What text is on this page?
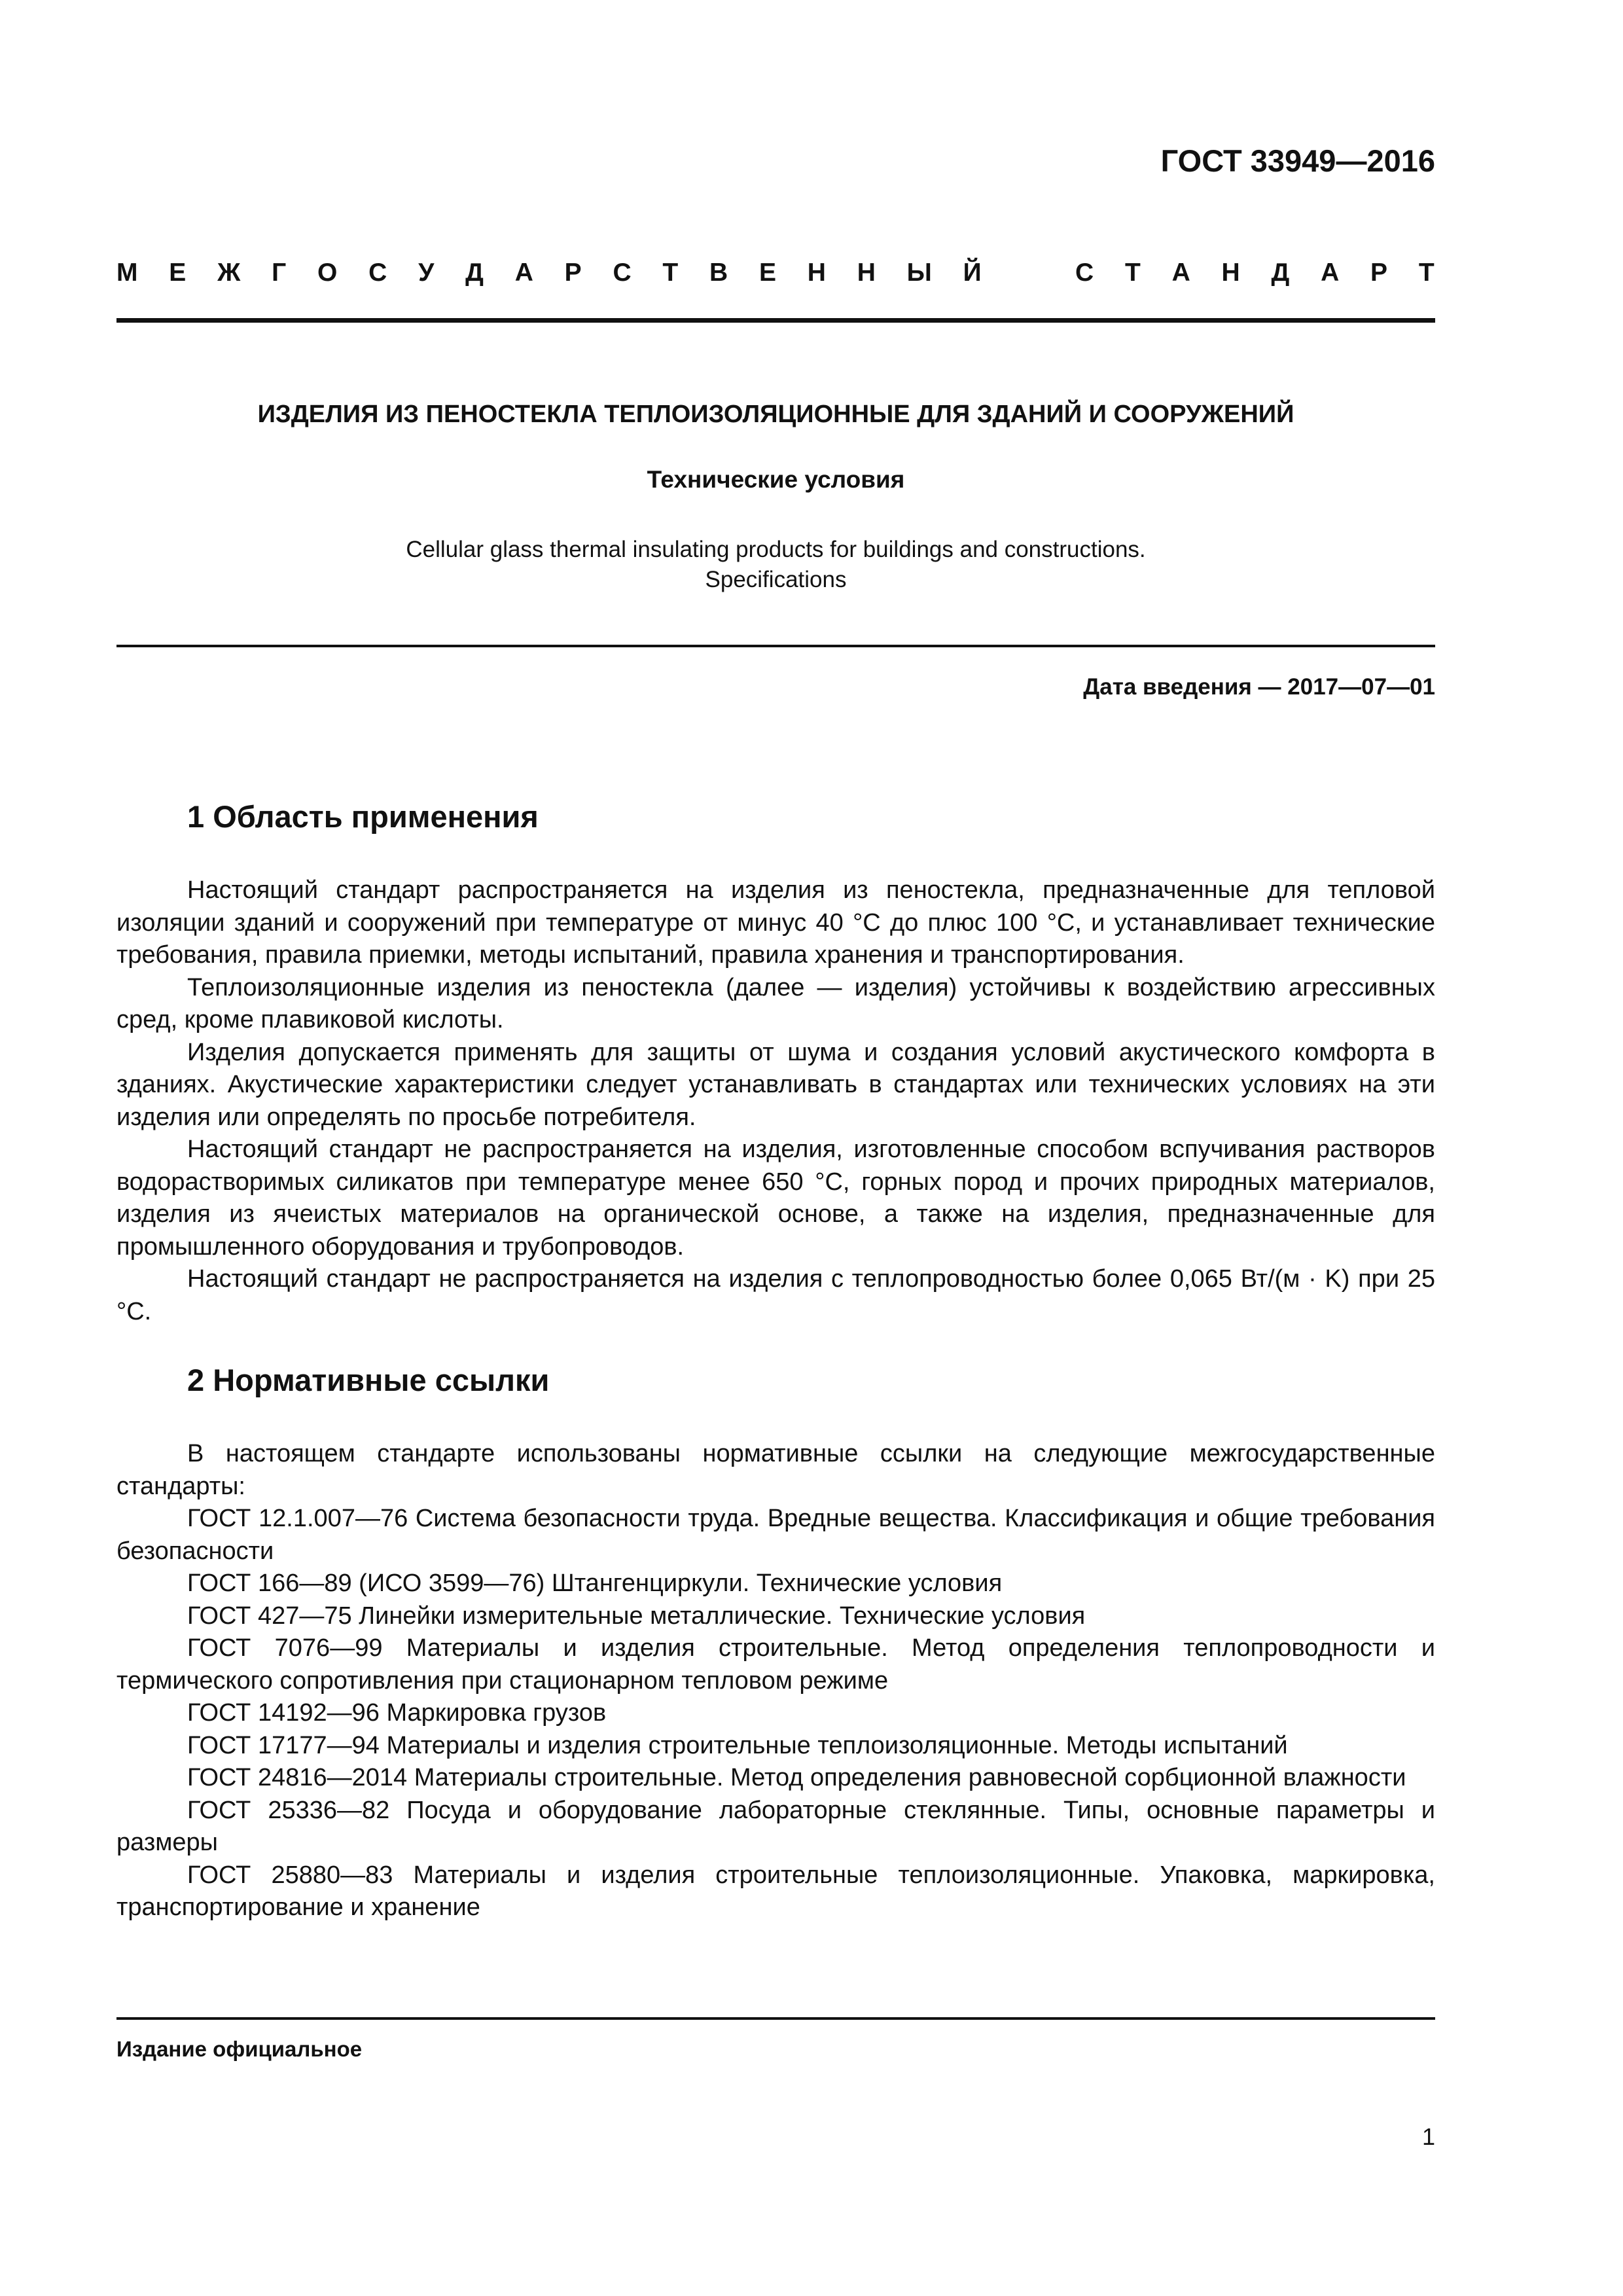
ГОСТ 33949—2016
М Е Ж Г О С У Д А Р С Т В Е Н Н Ы Й	С Т А Н Д А Р Т
ИЗДЕЛИЯ ИЗ ПЕНОСТЕКЛА ТЕПЛОИЗОЛЯЦИОННЫЕ ДЛЯ ЗДАНИЙ И СООРУЖЕНИЙ
Технические условия
Cellular glass thermal insulating products for buildings and constructions.
Specifications
Дата введения — 2017—07—01
1 Область применения

Настоящий стандарт распространяется на изделия из пеностекла, предназначенные для тепловой изоляции зданий и сооружений при температуре от минус 40 °С до плюс 100 °С, и устанавливает технические требования, правила приемки, методы испытаний, правила хранения и транспортирования.

Теплоизоляционные изделия из пеностекла (далее — изделия) устойчивы к воздействию агрессивных сред, кроме плавиковой кислоты.

Изделия допускается применять для защиты от шума и создания условий акустического комфорта в зданиях. Акустические характеристики следует устанавливать в стандартах или технических условиях на эти изделия или определять по просьбе потребителя.

Настоящий стандарт не распространяется на изделия, изготовленные способом вспучивания растворов водорастворимых силикатов при температуре менее 650 °С, горных пород и прочих природных материалов, изделия из ячеистых материалов на органической основе, а также на изделия, предназначенные для промышленного оборудования и трубопроводов.

Настоящий стандарт не распространяется на изделия с теплопроводностью более 0,065 Вт/(м · K) при 25 °С.

2 Нормативные ссылки

В настоящем стандарте использованы нормативные ссылки на следующие межгосударственные стандарты:

ГОСТ 12.1.007—76 Система безопасности труда. Вредные вещества. Классификация и общие требования безопасности

ГОСТ 166—89 (ИСО 3599—76) Штангенциркули. Технические условия

ГОСТ 427—75 Линейки измерительные металлические. Технические условия

ГОСТ 7076—99 Материалы и изделия строительные. Метод определения теплопроводности и термического сопротивления при стационарном тепловом режиме

ГОСТ 14192—96 Маркировка грузов

ГОСТ 17177—94 Материалы и изделия строительные теплоизоляционные. Методы испытаний

ГОСТ 24816—2014 Материалы строительные. Метод определения равновесной сорбционной влажности

ГОСТ 25336—82 Посуда и оборудование лабораторные стеклянные. Типы, основные параметры и размеры

ГОСТ 25880—83 Материалы и изделия строительные теплоизоляционные. Упаковка, маркировка, транспортирование и хранение

Издание официальное
1
